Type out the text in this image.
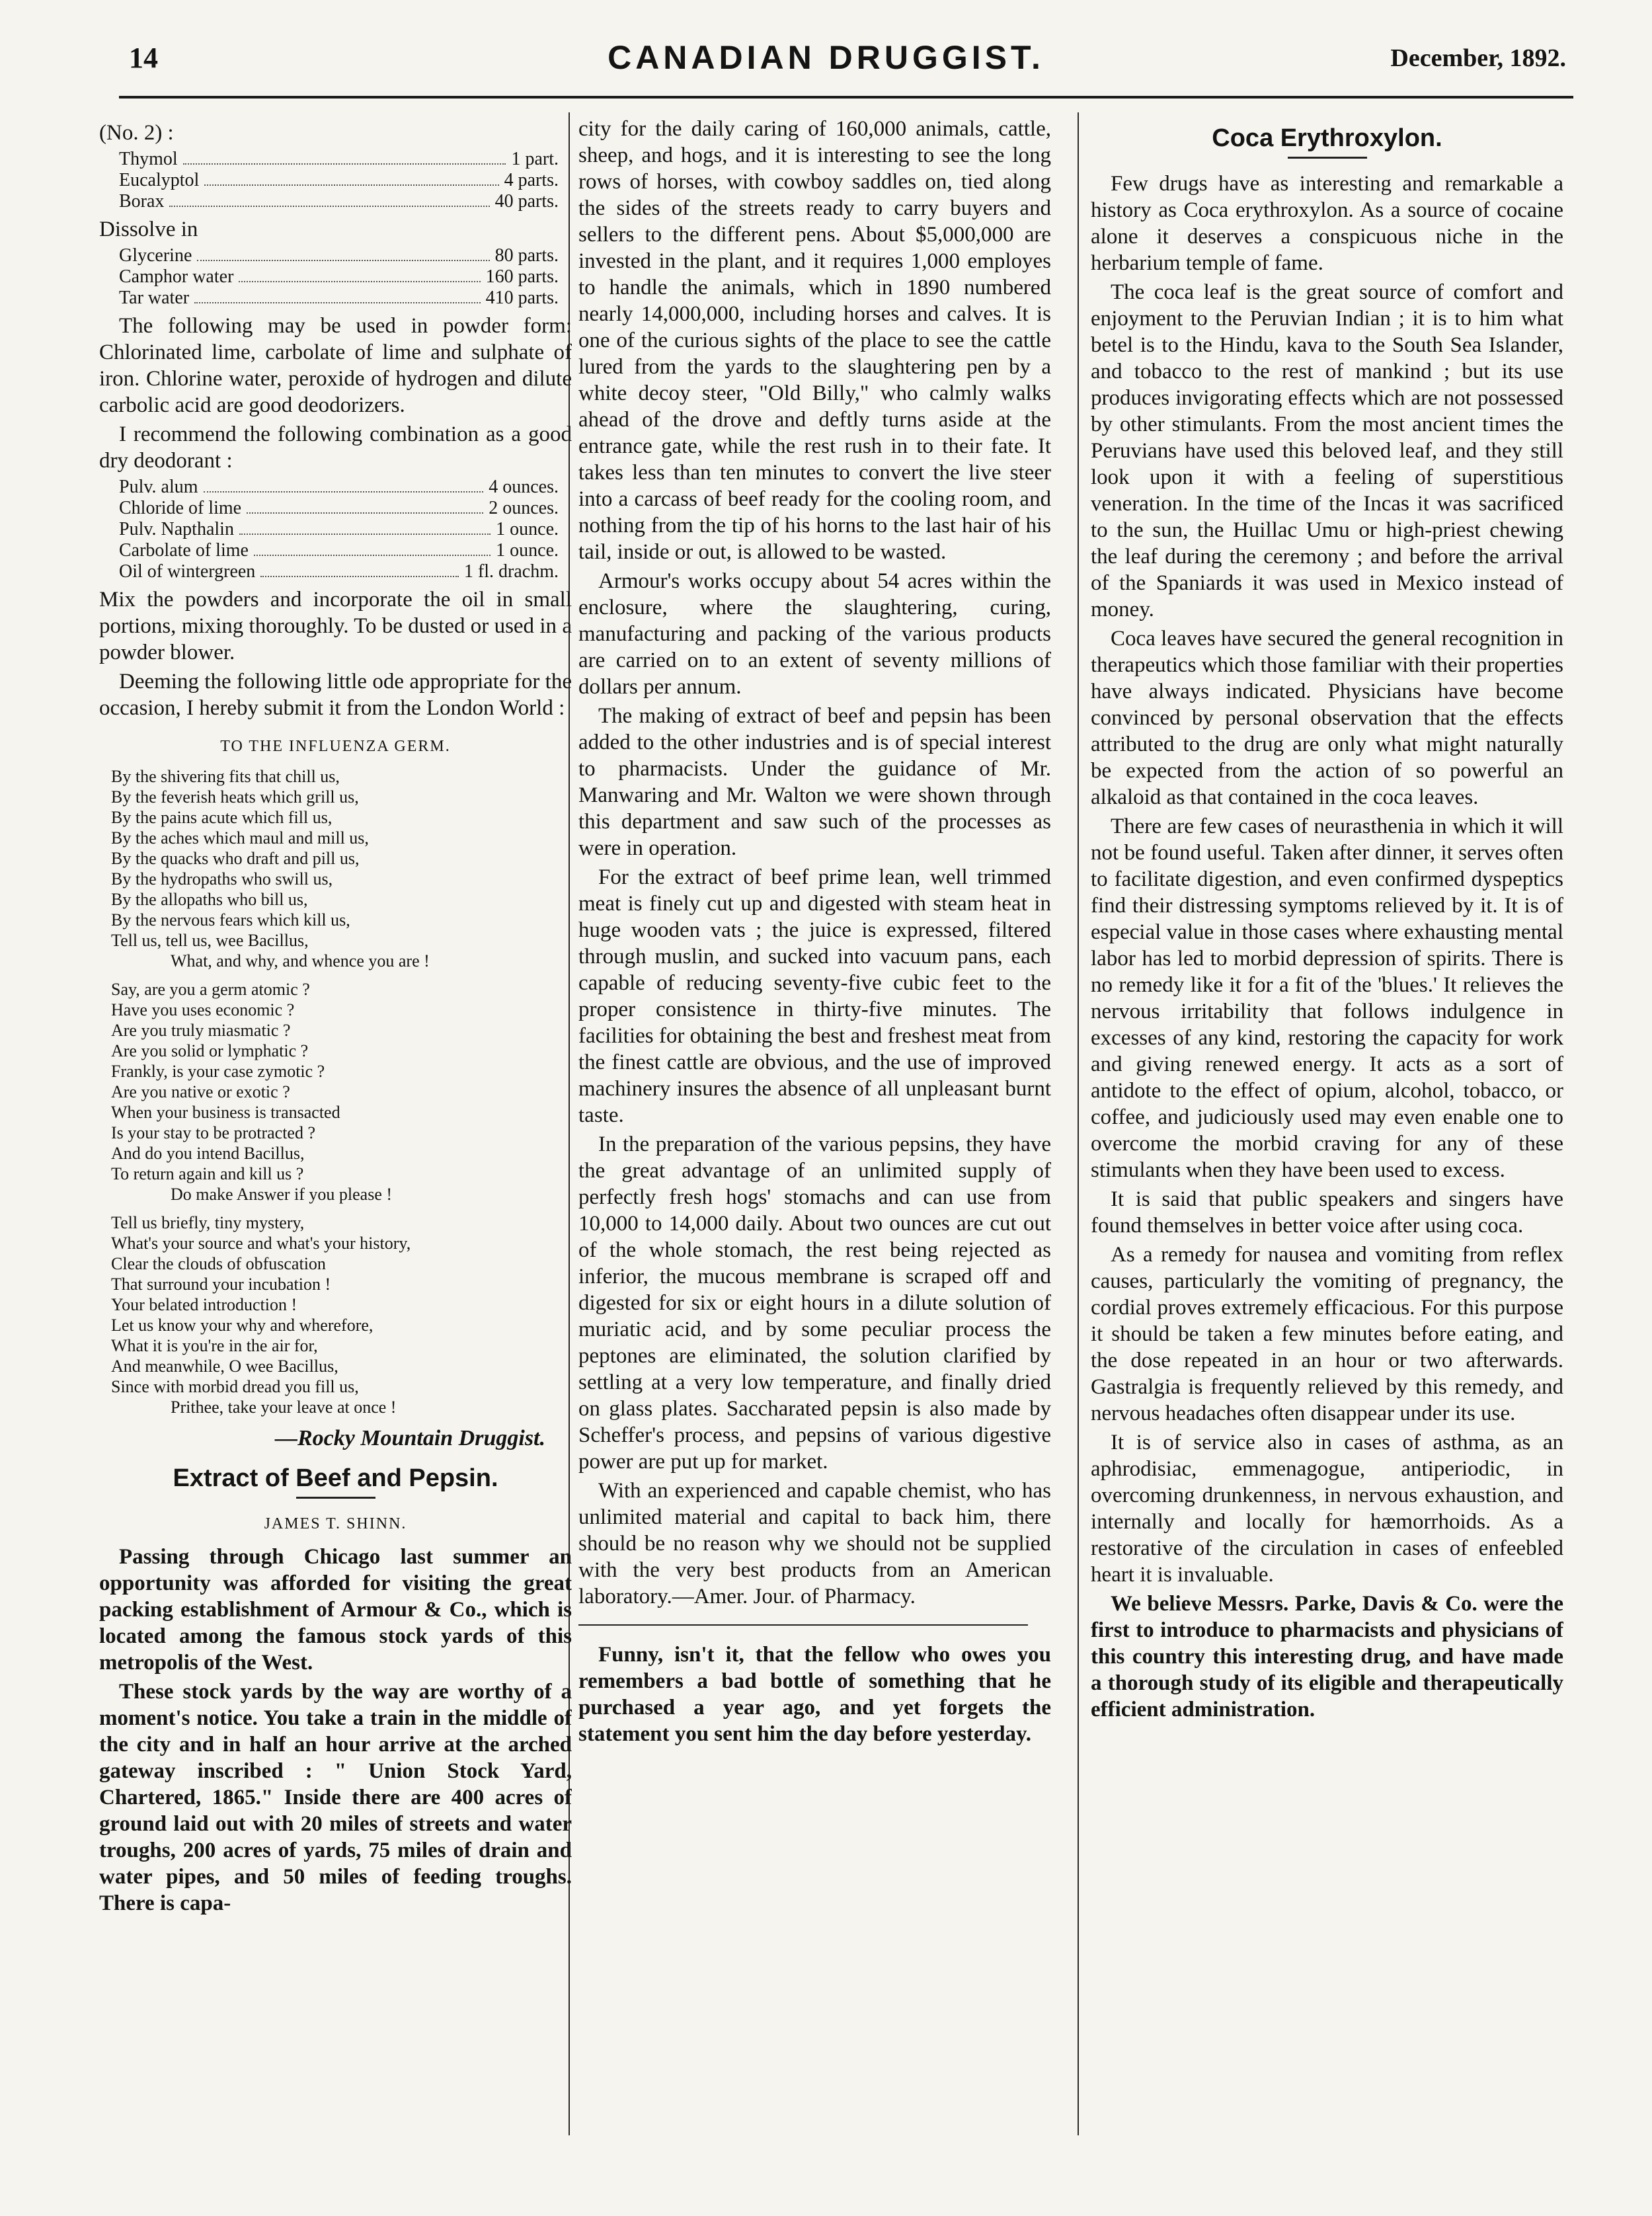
14	CANADIAN DRUGGIST.	December, 1892.

(No. 2) :

Thymol	1 part.
Eucalyptol	4 parts.
Borax	40 parts.

Dissolve in

Glycerine	80 parts.
Camphor water	160 parts.
Tar water	410 parts.

The following may be used in powder form: Chlorinated lime, carbolate of lime and sulphate of iron. Chlorine water, peroxide of hydrogen and dilute carbolic acid are good deodorizers.

I recommend the following combination as a good dry deodorant :

Pulv. alum	4 ounces.
Chloride of lime	2 ounces.
Pulv. Napthalin	1 ounce.
Carbolate of lime	1 ounce.
Oil of wintergreen	1 fl. drachm.

Mix the powders and incorporate the oil in small portions, mixing thoroughly. To be dusted or used in a powder blower.

Deeming the following little ode appropriate for the occasion, I hereby submit it from the London World :

TO THE INFLUENZA GERM.
By the shivering fits that chill us,
By the feverish heats which grill us,
By the pains acute which fill us,
By the aches which maul and mill us,
By the quacks who draft and pill us,
By the hydropaths who swill us,
By the allopaths who bill us,
By the nervous fears which kill us,
Tell us, tell us, wee Bacillus,
What, and why, and whence you are !
Say, are you a germ atomic ?
Have you uses economic ?
Are you truly miasmatic ?
Are you solid or lymphatic ?
Frankly, is your case zymotic ?
Are you native or exotic ?
When your business is transacted
Is your stay to be protracted ?
And do you intend Bacillus,
To return again and kill us ?
Do make Answer if you please !
Tell us briefly, tiny mystery,
What's your source and what's your history,
Clear the clouds of obfuscation
That surround your incubation !
Your belated introduction !
Let us know your why and wherefore,
What it is you're in the air for,
And meanwhile, O wee Bacillus,
Since with morbid dread you fill us,
Prithee, take your leave at once !
—Rocky Mountain Druggist.
Extract of Beef and Pepsin.
JAMES T. SHINN.

Passing through Chicago last summer an opportunity was afforded for visiting the great packing establishment of Armour & Co., which is located among the famous stock yards of this metropolis of the West.

These stock yards by the way are worthy of a moment's notice. You take a train in the middle of the city and in half an hour arrive at the arched gateway inscribed : " Union Stock Yard, Chartered, 1865." Inside there are 400 acres of ground laid out with 20 miles of streets and water troughs, 200 acres of yards, 75 miles of drain and water pipes, and 50 miles of feeding troughs. There is capa-

city for the daily caring of 160,000 animals, cattle, sheep, and hogs, and it is interesting to see the long rows of horses, with cowboy saddles on, tied along the sides of the streets ready to carry buyers and sellers to the different pens. About $5,000,000 are invested in the plant, and it requires 1,000 employes to handle the animals, which in 1890 numbered nearly 14,000,000, including horses and calves. It is one of the curious sights of the place to see the cattle lured from the yards to the slaughtering pen by a white decoy steer, "Old Billy," who calmly walks ahead of the drove and deftly turns aside at the entrance gate, while the rest rush in to their fate. It takes less than ten minutes to convert the live steer into a carcass of beef ready for the cooling room, and nothing from the tip of his horns to the last hair of his tail, inside or out, is allowed to be wasted.

Armour's works occupy about 54 acres within the enclosure, where the slaughtering, curing, manufacturing and packing of the various products are carried on to an extent of seventy millions of dollars per annum.

The making of extract of beef and pepsin has been added to the other industries and is of special interest to pharmacists. Under the guidance of Mr. Manwaring and Mr. Walton we were shown through this department and saw such of the processes as were in operation.

For the extract of beef prime lean, well trimmed meat is finely cut up and digested with steam heat in huge wooden vats ; the juice is expressed, filtered through muslin, and sucked into vacuum pans, each capable of reducing seventy-five cubic feet to the proper consistence in thirty-five minutes. The facilities for obtaining the best and freshest meat from the finest cattle are obvious, and the use of improved machinery insures the absence of all unpleasant burnt taste.

In the preparation of the various pepsins, they have the great advantage of an unlimited supply of perfectly fresh hogs' stomachs and can use from 10,000 to 14,000 daily. About two ounces are cut out of the whole stomach, the rest being rejected as inferior, the mucous membrane is scraped off and digested for six or eight hours in a dilute solution of muriatic acid, and by some peculiar process the peptones are eliminated, the solution clarified by settling at a very low temperature, and finally dried on glass plates. Saccharated pepsin is also made by Scheffer's process, and pepsins of various digestive power are put up for market.

With an experienced and capable chemist, who has unlimited material and capital to back him, there should be no reason why we should not be supplied with the very best products from an American laboratory.—Amer. Jour. of Pharmacy.

Funny, isn't it, that the fellow who owes you remembers a bad bottle of something that he purchased a year ago, and yet forgets the statement you sent him the day before yesterday.

Coca Erythroxylon.

Few drugs have as interesting and remarkable a history as Coca erythroxylon. As a source of cocaine alone it deserves a conspicuous niche in the herbarium temple of fame.

The coca leaf is the great source of comfort and enjoyment to the Peruvian Indian ; it is to him what betel is to the Hindu, kava to the South Sea Islander, and tobacco to the rest of mankind ; but its use produces invigorating effects which are not possessed by other stimulants. From the most ancient times the Peruvians have used this beloved leaf, and they still look upon it with a feeling of superstitious veneration. In the time of the Incas it was sacrificed to the sun, the Huillac Umu or high-priest chewing the leaf during the ceremony ; and before the arrival of the Spaniards it was used in Mexico instead of money.

Coca leaves have secured the general recognition in therapeutics which those familiar with their properties have always indicated. Physicians have become convinced by personal observation that the effects attributed to the drug are only what might naturally be expected from the action of so powerful an alkaloid as that contained in the coca leaves.

There are few cases of neurasthenia in which it will not be found useful. Taken after dinner, it serves often to facilitate digestion, and even confirmed dyspeptics find their distressing symptoms relieved by it. It is of especial value in those cases where exhausting mental labor has led to morbid depression of spirits. There is no remedy like it for a fit of the 'blues.' It relieves the nervous irritability that follows indulgence in excesses of any kind, restoring the capacity for work and giving renewed energy. It acts as a sort of antidote to the effect of opium, alcohol, tobacco, or coffee, and judiciously used may even enable one to overcome the morbid craving for any of these stimulants when they have been used to excess.

It is said that public speakers and singers have found themselves in better voice after using coca.

As a remedy for nausea and vomiting from reflex causes, particularly the vomiting of pregnancy, the cordial proves extremely efficacious. For this purpose it should be taken a few minutes before eating, and the dose repeated in an hour or two afterwards. Gastralgia is frequently relieved by this remedy, and nervous headaches often disappear under its use.

It is of service also in cases of asthma, as an aphrodisiac, emmenagogue, antiperiodic, in overcoming drunkenness, in nervous exhaustion, and internally and locally for hæmorrhoids. As a restorative of the circulation in cases of enfeebled heart it is invaluable.

We believe Messrs. Parke, Davis & Co. were the first to introduce to pharmacists and physicians of this country this interesting drug, and have made a thorough study of its eligible and therapeutically efficient administration.
